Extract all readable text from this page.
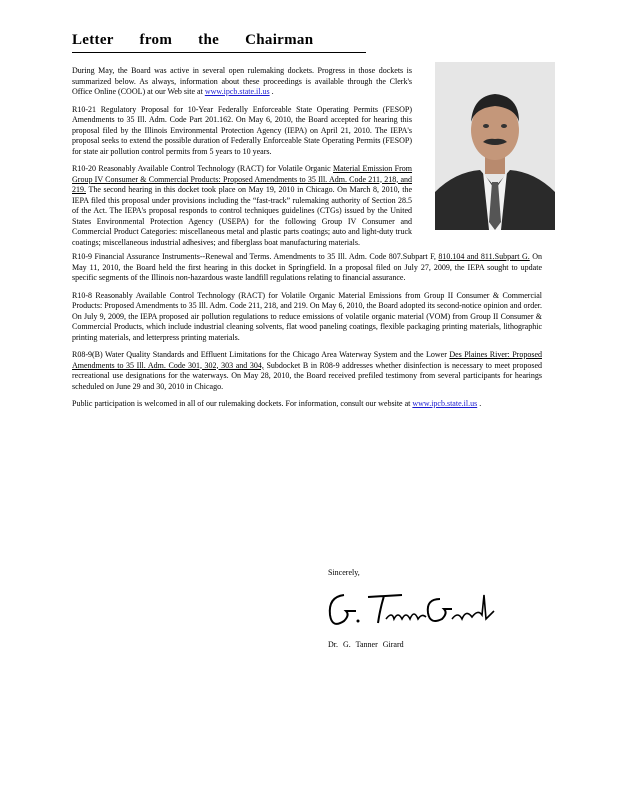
Letter from the Chairman

During May, the Board was active in several open rulemaking dockets. Progress in those dockets is summarized below. As always, information about these proceedings is available through the Clerk's Office Online (COOL) at our Web site at www.ipcb.state.il.us .

R10-21 Regulatory Proposal for 10-Year Federally Enforceable State Operating Permits (FESOP) Amendments to 35 Ill. Adm. Code Part 201.162. On May 6, 2010, the Board accepted for hearing this proposal filed by the Illinois Environmental Protection Agency (IEPA) on April 21, 2010. The IEPA's proposal seeks to extend the possible duration of Federally Enforceable State Operating Permits (FESOP) for state air pollution control permits from 5 years to 10 years.

R10-20 Reasonably Available Control Technology (RACT) for Volatile Organic Material Emission From Group IV Consumer & Commercial Products: Proposed Amendments to 35 Ill. Adm. Code 211, 218, and 219. The second hearing in this docket took place on May 19, 2010 in Chicago. On March 8, 2010, the IEPA filed this proposal under provisions including the “fast-track” rulemaking authority of Section 28.5 of the Act. The IEPA's proposal responds to control techniques guidelines (CTGs) issued by the United States Environmental Protection Agency (USEPA) for the following Group IV Consumer and Commercial Product Categories: miscellaneous metal and plastic parts coatings; auto and light-duty truck coatings; miscellaneous industrial adhesives; and fiberglass boat manufacturing materials.

R10-9 Financial Assurance Instruments--Renewal and Terms. Amendments to 35 Ill. Adm. Code 807.Subpart F, 810.104 and 811.Subpart G. On May 11, 2010, the Board held the first hearing in this docket in Springfield. In a proposal filed on July 27, 2009, the IEPA sought to update specific segments of the Illinois non-hazardous waste landfill regulations relating to financial assurance.

R10-8 Reasonably Available Control Technology (RACT) for Volatile Organic Material Emissions from Group II Consumer & Commercial Products: Proposed Amendments to 35 Ill. Adm. Code 211, 218, and 219. On May 6, 2010, the Board adopted its second-notice opinion and order. On July 9, 2009, the IEPA proposed air pollution regulations to reduce emissions of volatile organic material (VOM) from Group II Consumer & Commercial Products, which include industrial cleaning solvents, flat wood paneling coatings, flexible packaging printing materials, lithographic printing materials, and letterpress printing materials.

R08-9(B) Water Quality Standards and Effluent Limitations for the Chicago Area Waterway System and the Lower Des Plaines River: Proposed Amendments to 35 Ill. Adm. Code 301, 302, 303 and 304, Subdocket B in R08-9 addresses whether disinfection is necessary to meet proposed recreational use designations for the waterways. On May 28, 2010, the Board received prefiled testimony from several participants for hearings scheduled on June 29 and 30, 2010 in Chicago.

Public participation is welcomed in all of our rulemaking dockets. For information, consult our website at www.ipcb.state.il.us .

Sincerely,
Dr. G. Tanner Girard
